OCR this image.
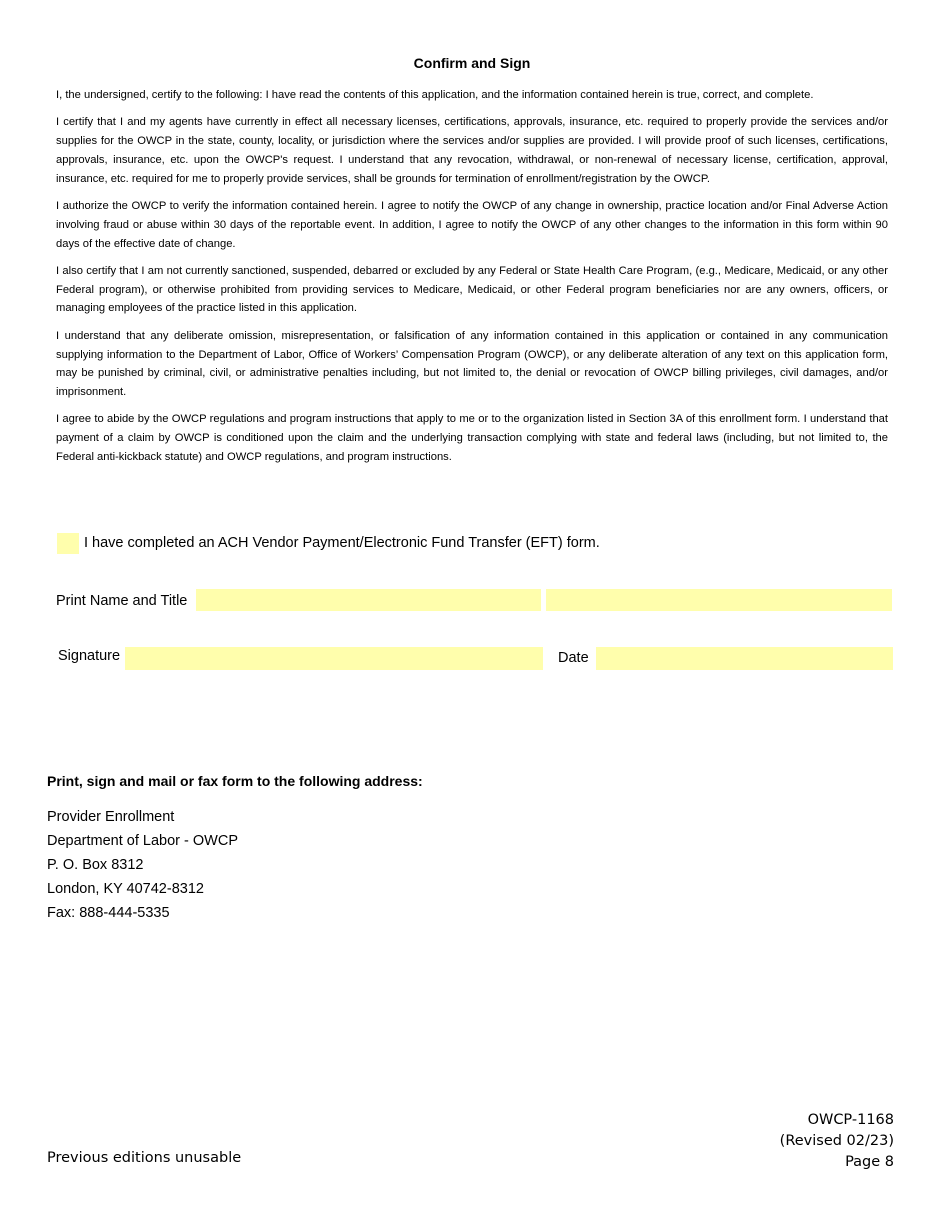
Confirm and Sign

I, the undersigned, certify to the following: I have read the contents of this application, and the information contained herein is true, correct, and complete.

I certify that I and my agents have currently in effect all necessary licenses, certifications, approvals, insurance, etc. required to properly provide the services and/or supplies for the OWCP in the state, county, locality, or jurisdiction where the services and/or supplies are provided. I will provide proof of such licenses, certifications, approvals, insurance, etc. upon the OWCP's request. I understand that any revocation, withdrawal, or non-renewal of necessary license, certification, approval, insurance, etc. required for me to properly provide services, shall be grounds for termination of enrollment/registration by the OWCP.

I authorize the OWCP to verify the information contained herein. I agree to notify the OWCP of any change in ownership, practice location and/or Final Adverse Action involving fraud or abuse within 30 days of the reportable event. In addition, I agree to notify the OWCP of any other changes to the information in this form within 90 days of the effective date of change.

I also certify that I am not currently sanctioned, suspended, debarred or excluded by any Federal or State Health Care Program, (e.g., Medicare, Medicaid, or any other Federal program), or otherwise prohibited from providing services to Medicare, Medicaid, or other Federal program beneficiaries nor are any owners, officers, or managing employees of the practice listed in this application.

I understand that any deliberate omission, misrepresentation, or falsification of any information contained in this application or contained in any communication supplying information to the Department of Labor, Office of Workers’ Compensation Program (OWCP), or any deliberate alteration of any text on this application form, may be punished by criminal, civil, or administrative penalties including, but not limited to, the denial or revocation of OWCP billing privileges, civil damages, and/or imprisonment.

I agree to abide by the OWCP regulations and program instructions that apply to me or to the organization listed in Section 3A of this enrollment form. I understand that payment of a claim by OWCP is conditioned upon the claim and the underlying transaction complying with state and federal laws (including, but not limited to, the Federal anti-kickback statute) and OWCP regulations, and program instructions.

I have completed an ACH Vendor Payment/Electronic Fund Transfer (EFT) form.
Print Name and Title
Signature	Date
Print, sign and mail or fax form to the following address:
Provider Enrollment
Department of Labor - OWCP
P. O. Box 8312
London, KY 40742-8312
Fax: 888-444-5335
Previous editions unusable
OWCP-1168
(Revised 02/23)
Page 8
